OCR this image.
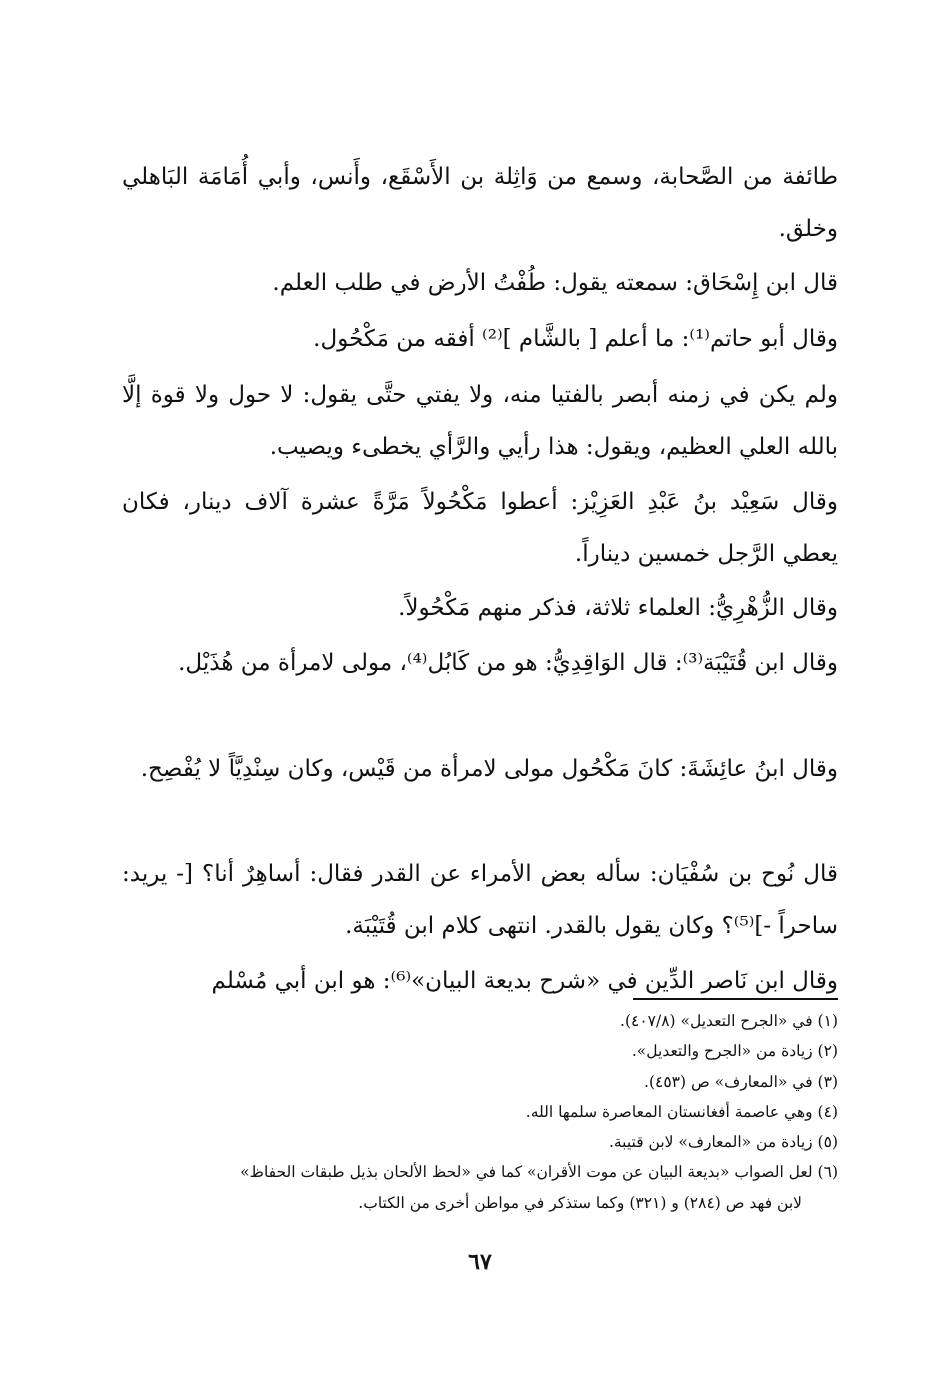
طائفة من الصَّحابة، وسمع من وَاثِلة بن الأَسْقَع، وأَنس، وأبي أُمَامَة البَاهلي وخلق.

قال ابن إِسْحَاق: سمعته يقول: طُفْتُ الأرض في طلب العلم.

وقال أبو حاتم⁽¹⁾: ما أعلم [ بالشَّام ]⁽²⁾ أفقه من مَكْحُول.

ولم يكن في زمنه أبصر بالفتيا منه، ولا يفتي حتَّى يقول: لا حول ولا قوة إلَّا بالله العلي العظيم، ويقول: هذا رأيي والرَّأي يخطىء ويصيب.

وقال سَعِيْد بنُ عَبْدِ العَزِيْز: أعطوا مَكْحُولاً مَرَّةً عشرة آلاف دينار، فكان يعطي الرَّجل خمسين ديناراً.

وقال الزُّهْرِيُّ: العلماء ثلاثة، فذكر منهم مَكْحُولاً.

وقال ابن قُتَيْبَة⁽³⁾: قال الوَاقِدِيُّ: هو من كَابُل⁽⁴⁾، مولى لامرأة من هُذَيْل.

وقال ابنُ عائِشَةَ: كانَ مَكْحُول مولى لامرأة من قَيْس، وكان سِنْدِيَّاً لا يُفْصِح.

قال نُوح بن سُفْيَان: سأله بعض الأمراء عن القدر فقال: أساهِرٌ أنا؟ [- يريد: ساحراً -]⁽⁵⁾؟ وكان يقول بالقدر. انتهى كلام ابن قُتَيْبَة.

وقال ابن نَاصر الدِّين في «شرح بديعة البيان»⁽⁶⁾: هو ابن أبي مُسْلم

(١) في «الجرح التعديل» (٤٠٧/٨).
(٢) زيادة من «الجرح والتعديل».
(٣) في «المعارف» ص (٤٥٣).
(٤) وهي عاصمة أفغانستان المعاصرة سلمها الله.
(٥) زيادة من «المعارف» لابن قتيبة.
(٦) لعل الصواب «بديعة البيان عن موت الأقران» كما في «لحظ الألحان بذيل طبقات الحفاظ»
لابن فهد ص (٢٨٤) و (٣٢١) وكما ستذكر في مواطن أخرى من الكتاب.
٦٧
